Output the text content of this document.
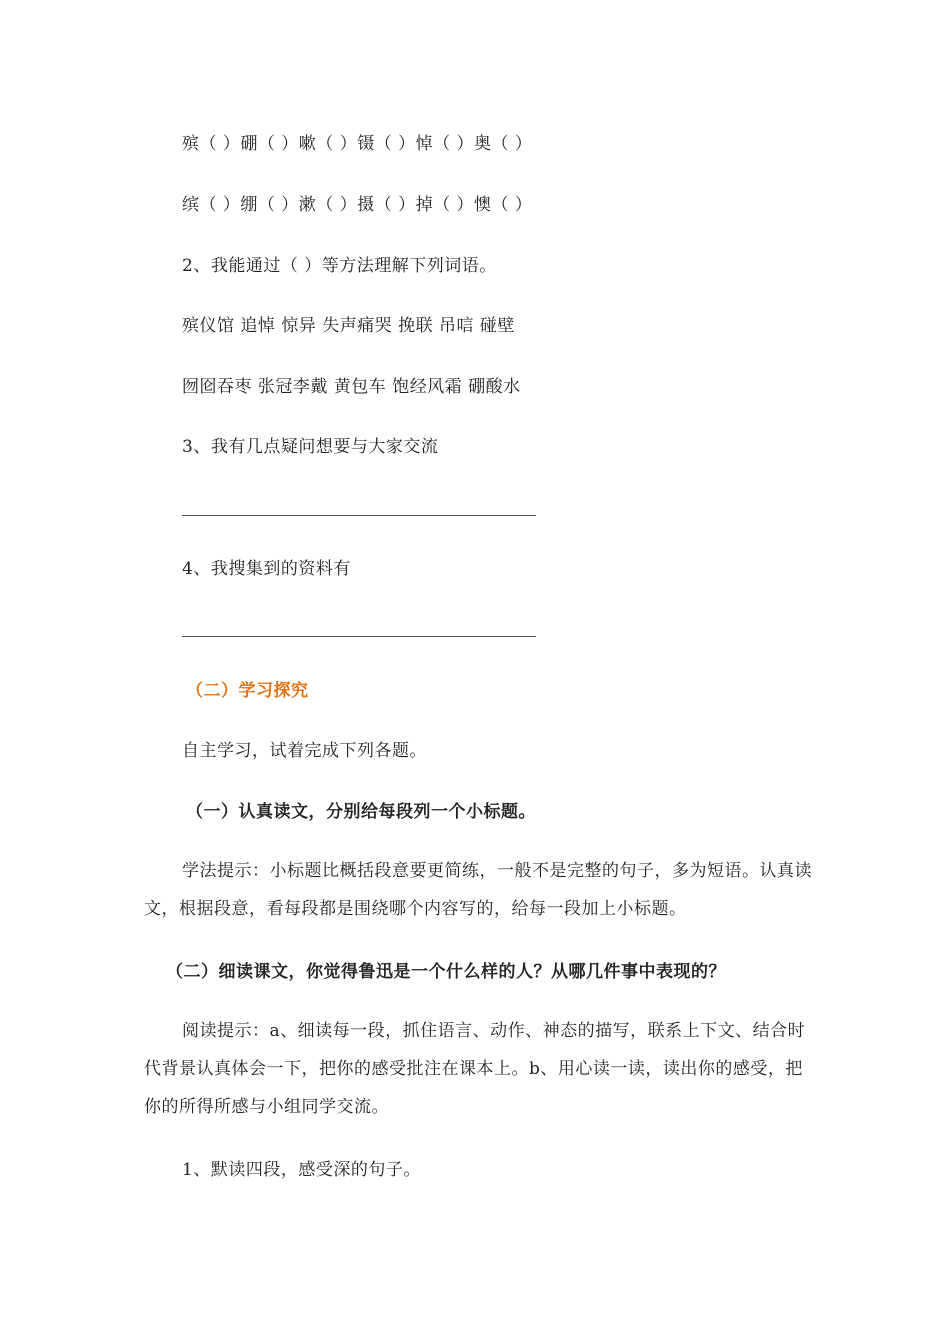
殡（ ）硼（ ）嗽（ ）镊（ ）悼（ ）奥（ ）
缤（ ）绷（ ）漱（ ）摄（ ）掉（ ）懊（ ）
2、我能通过（ ）等方法理解下列词语。
殡仪馆 追悼 惊异 失声痛哭 挽联 吊唁 碰壁
囫囵吞枣 张冠李戴 黄包车 饱经风霜 硼酸水
3、我有几点疑问想要与大家交流
4、我搜集到的资料有
（二）学习探究
自主学习，试着完成下列各题。
（一）认真读文，分别给每段列一个小标题。
学法提示：小标题比概括段意要更简练，一般不是完整的句子，多为短语。认真读文，根据段意，看每段都是围绕哪个内容写的，给每一段加上小标题。
（二）细读课文，你觉得鲁迅是一个什么样的人？从哪几件事中表现的？
阅读提示：a、细读每一段，抓住语言、动作、神态的描写，联系上下文、结合时代背景认真体会一下，把你的感受批注在课本上。b、用心读一读，读出你的感受，把你的所得所感与小组同学交流。
1、默读四段，感受深的句子。
